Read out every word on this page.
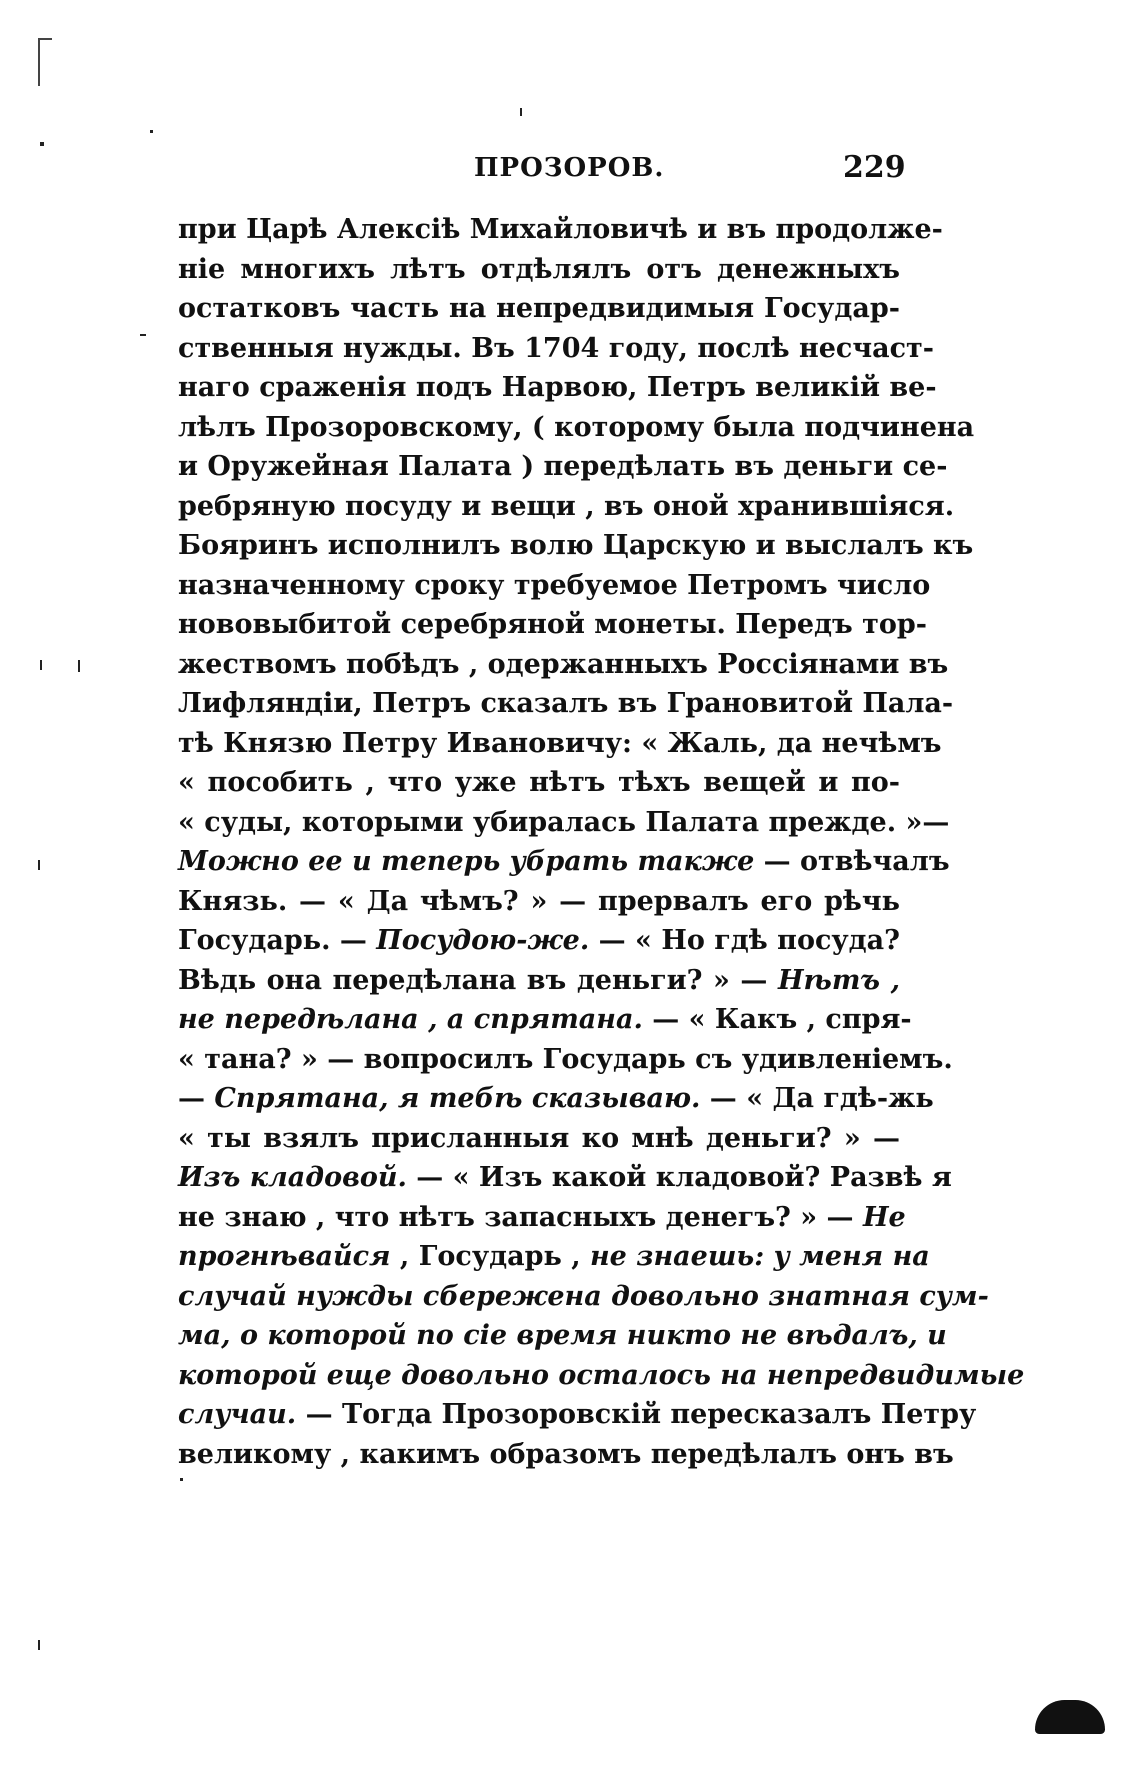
ПРОЗОРОВ.	229
при Царѣ Алексіѣ Михайловичѣ и въ продолже-
ніе многихъ лѣтъ отдѣлялъ отъ денежныхъ
остатковъ часть на непредвидимыя Государ-
ственныя нужды. Въ 1704 году, послѣ несчаст-
наго сраженія подъ Нарвою, Петръ великій ве-
лѣлъ Прозоровскому, ( которому была подчинена
и Оружейная Палата ) передѣлать въ деньги се-
ребряную посуду и вещи , въ оной хранившіяся.
Бояринъ исполнилъ волю Царскую и выслалъ къ
назначенному сроку требуемое Петромъ число
нововыбитой серебряной монеты. Передъ тор-
жествомъ побѣдъ , одержанныхъ Россіянами въ
Лифляндіи, Петръ сказалъ въ Грановитой Пала-
тѣ Князю Петру Ивановичу: « Жаль, да нечѣмъ
« пособить , что уже нѣтъ тѣхъ вещей и по-
« суды, которыми убиралась Палата прежде. »—
Можно ее и теперь убрать также — отвѣчалъ
Князь. — « Да чѣмъ? » — прервалъ его рѣчь
Государь. — Посудою-же. — « Но гдѣ посуда?
Вѣдь она передѣлана въ деньги? » — Нѣтъ ,
не передѣлана , а спрятана. — « Какъ , спря-
« тана? » — вопросилъ Государь съ удивленіемъ.
— Спрятана, я тебѣ сказываю. — « Да гдѣ-жь
« ты взялъ присланныя ко мнѣ деньги? » —
Изъ кладовой. — « Изъ какой кладовой? Развѣ я
не знаю , что нѣтъ запасныхъ денегъ? » — Не
прогнѣвайся , Государь , не знаешь: у меня на
случай нужды сбережена довольно знатная сум-
ма, о которой по сіе время никто не вѣдалъ, и
которой еще довольно осталось на непредвидимые
случаи. — Тогда Прозоровскій пересказалъ Петру
великому , какимъ образомъ передѣлалъ онъ въ
